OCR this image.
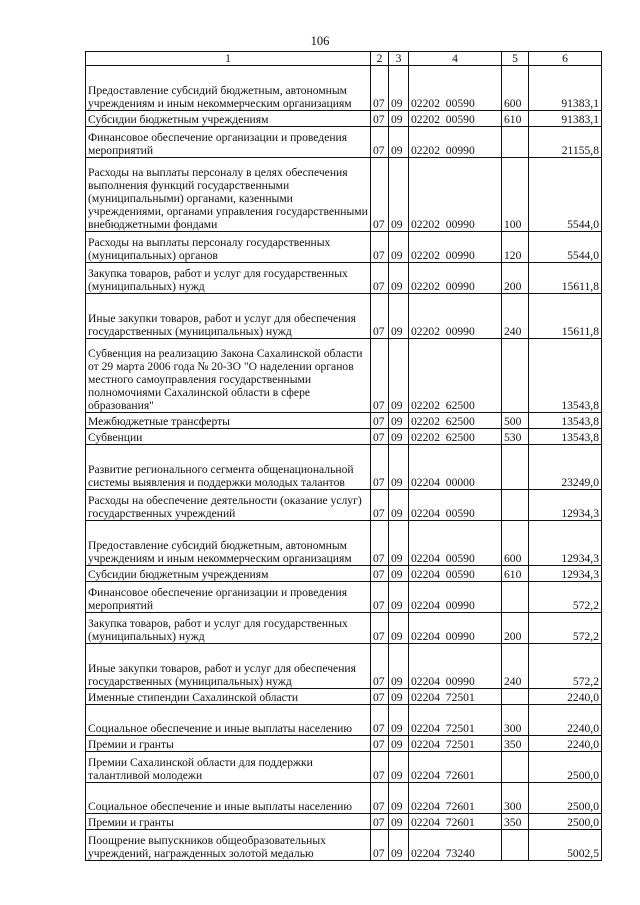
106
1	2	3	4	5	6
Предоставление субсидий бюджетным, автономным учреждениям и иным некоммерческим организациям	07	09	02202  00590	600	91383,1
Субсидии бюджетным учреждениям	07	09	02202  00590	610	91383,1
Финансовое обеспечение организации и проведения мероприятий	07	09	02202  00990		21155,8
Расходы на выплаты персоналу в целях обеспечения выполнения функций государственными (муниципальными) органами, казенными учреждениями, органами управления государственными внебюджетными фондами	07	09	02202  00990	100	5544,0
Расходы на выплаты персоналу государственных (муниципальных) органов	07	09	02202  00990	120	5544,0
Закупка товаров, работ и услуг для государственных (муниципальных) нужд	07	09	02202  00990	200	15611,8
Иные закупки товаров, работ и услуг для обеспечения государственных (муниципальных) нужд	07	09	02202  00990	240	15611,8
Субвенция на реализацию Закона Сахалинской области от 29 марта 2006 года № 20-ЗО "О наделении органов местного самоуправления государственными полномочиями Сахалинской области в сфере образования"	07	09	02202  62500		13543,8
Межбюджетные трансферты	07	09	02202  62500	500	13543,8
Субвенции	07	09	02202  62500	530	13543,8
Развитие регионального сегмента общенациональной системы выявления и поддержки молодых талантов	07	09	02204  00000		23249,0
Расходы на обеспечение деятельности (оказание услуг) государственных учреждений	07	09	02204  00590		12934,3
Предоставление субсидий бюджетным, автономным учреждениям и иным некоммерческим организациям	07	09	02204  00590	600	12934,3
Субсидии бюджетным учреждениям	07	09	02204  00590	610	12934,3
Финансовое обеспечение организации и проведения мероприятий	07	09	02204  00990		572,2
Закупка товаров, работ и услуг для государственных (муниципальных) нужд	07	09	02204  00990	200	572,2
Иные закупки товаров, работ и услуг для обеспечения государственных (муниципальных) нужд	07	09	02204  00990	240	572,2
Именные стипендии Сахалинской области	07	09	02204  72501		2240,0
Социальное обеспечение и иные выплаты населению	07	09	02204  72501	300	2240,0
Премии и гранты	07	09	02204  72501	350	2240,0
Премии Сахалинской области для поддержки талантливой молодежи	07	09	02204  72601		2500,0
Социальное обеспечение и иные выплаты населению	07	09	02204  72601	300	2500,0
Премии и гранты	07	09	02204  72601	350	2500,0
Поощрение выпускников общеобразовательных учреждений, награжденных золотой медалью	07	09	02204  73240		5002,5
